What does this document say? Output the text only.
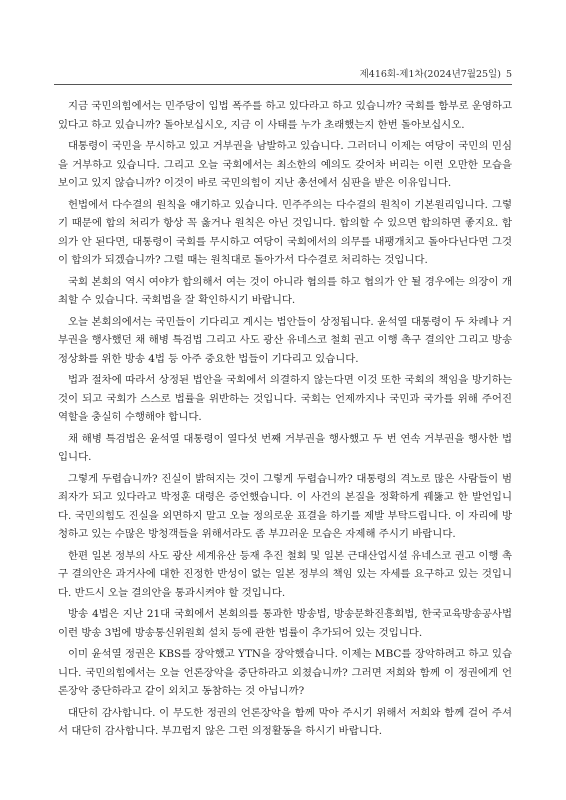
제416회-제1차(2024년7월25일) 5

지금 국민의힘에서는 민주당이 입법 폭주를 하고 있다라고 하고 있습니까? 국회를 함부로 운영하고 있다고 하고 있습니까? 돌아보십시오, 지금 이 사태를 누가 초래했는지 한번 돌아보십시오.

대통령이 국민을 무시하고 있고 거부권을 남발하고 있습니다. 그러더니 이제는 여당이 국민의 민심을 거부하고 있습니다. 그리고 오늘 국회에서는 최소한의 예의도 갖어차 버리는 이런 오만한 모습을 보이고 있지 않습니까? 이것이 바로 국민의힘이 지난 총선에서 심판을 받은 이유입니다.

헌법에서 다수결의 원칙을 얘기하고 있습니다. 민주주의는 다수결의 원칙이 기본원리입니다. 그렇기 때문에 합의 처리가 항상 꼭 옳거나 원칙은 아닌 것입니다. 합의할 수 있으면 합의하면 좋지요. 합의가 안 된다면, 대통령이 국회를 무시하고 여당이 국회에서의 의무를 내팽개치고 돌아다닌다면 그것이 합의가 되겠습니까? 그럴 때는 원칙대로 돌아가서 다수결로 처리하는 것입니다.

국회 본회의 역시 여야가 합의해서 여는 것이 아니라 협의를 하고 협의가 안 될 경우에는 의장이 개최할 수 있습니다. 국회법을 잘 확인하시기 바랍니다.

오늘 본회의에서는 국민들이 기다리고 계시는 법안들이 상정됩니다. 윤석열 대통령이 두 차례나 거부권을 행사했던 채 해병 특검법 그리고 사도 광산 유네스코 철회 권고 이행 촉구 결의안 그리고 방송정상화를 위한 방송 4법 등 아주 중요한 법들이 기다리고 있습니다.

법과 절차에 따라서 상정된 법안을 국회에서 의결하지 않는다면 이것 또한 국회의 책임을 방기하는 것이 되고 국회가 스스로 법률을 위반하는 것입니다. 국회는 언제까지나 국민과 국가를 위해 주어진 역할을 충실히 수행해야 합니다.

채 해병 특검법은 윤석열 대통령이 열다섯 번째 거부권을 행사했고 두 번 연속 거부권을 행사한 법입니다.

그렇게 두렵습니까? 진실이 밝혀지는 것이 그렇게 두렵습니까? 대통령의 격노로 많은 사람들이 범죄자가 되고 있다라고 박정훈 대령은 증언했습니다. 이 사건의 본질을 정확하게 꿰뚫고 한 발언입니다. 국민의힘도 진실을 외면하지 말고 오늘 정의로운 표결을 하기를 제발 부탁드립니다. 이 자리에 방청하고 있는 수많은 방청객들을 위해서라도 좀 부끄러운 모습은 자제해 주시기 바랍니다.

한편 일본 정부의 사도 광산 세계유산 등재 추진 철회 및 일본 근대산업시설 유네스코 권고 이행 촉구 결의안은 과거사에 대한 진정한 반성이 없는 일본 정부의 책임 있는 자세를 요구하고 있는 것입니다. 반드시 오늘 결의안을 통과시켜야 할 것입니다.

방송 4법은 지난 21대 국회에서 본회의를 통과한 방송법, 방송문화진흥회법, 한국교육방송공사법 이런 방송 3법에 방송통신위원회 설치 등에 관한 법률이 추가되어 있는 것입니다.

이미 윤석열 정권은 KBS를 장악했고 YTN을 장악했습니다. 이제는 MBC를 장악하려고 하고 있습니다. 국민의힘에서는 오늘 언론장악을 중단하라고 외쳤습니까? 그러면 저희와 함께 이 정권에게 언론장악 중단하라고 같이 외치고 동참하는 것 아닙니까?

대단히 감사합니다. 이 무도한 정권의 언론장악을 함께 막아 주시기 위해서 저희와 함께 걸어 주셔서 대단히 감사합니다. 부끄럽지 않은 그런 의정활동을 하시기 바랍니다.
